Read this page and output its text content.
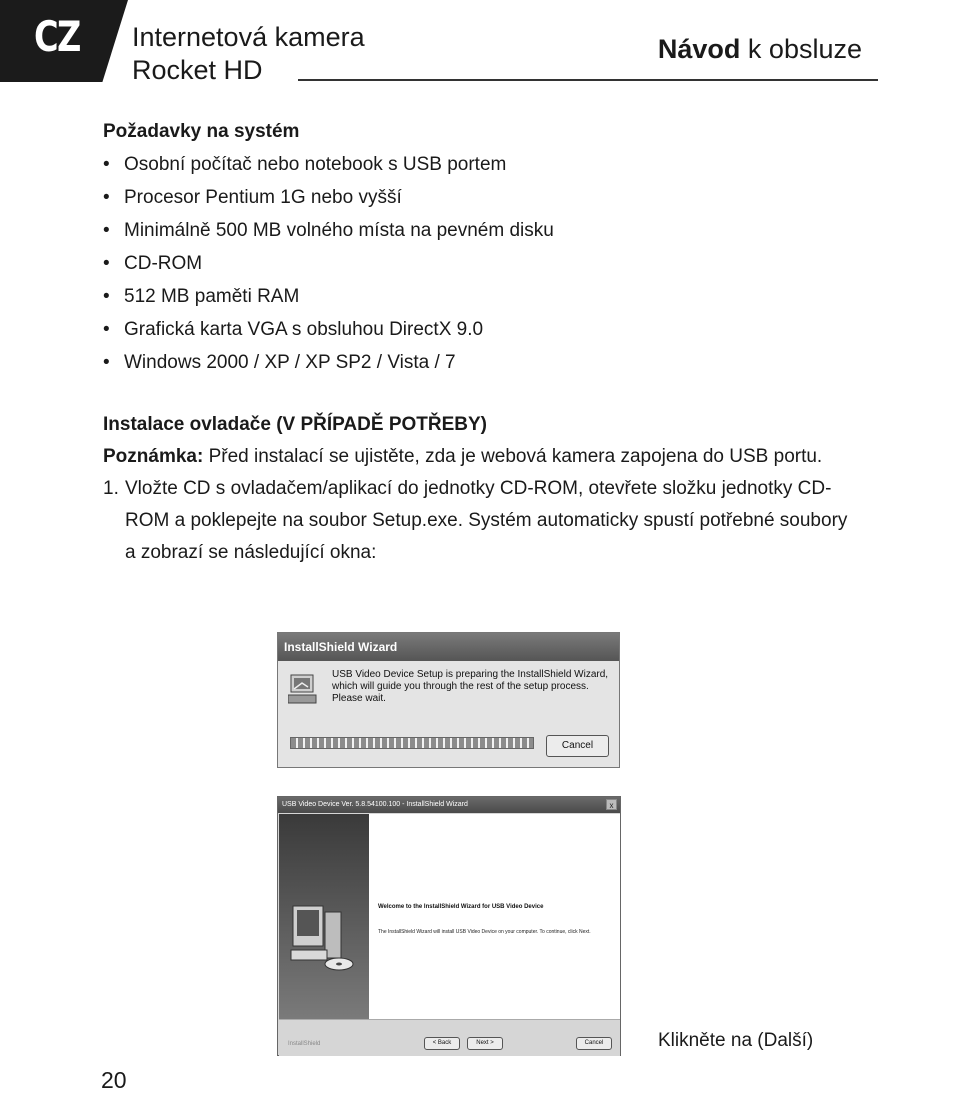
CZ Internetová kamera
Rocket HD
Návod k obsluze

Požadavky na systém

• Osobní počítač nebo notebook s USB portem
• Procesor Pentium 1G nebo vyšší
• Minimálně 500 MB volného místa na pevném disku
• CD-ROM
• 512 MB paměti RAM
• Grafická karta VGA s obsluhou DirectX 9.0
• Windows 2000 / XP / XP SP2 / Vista / 7

Instalace ovladače (V PŘÍPADĚ POTŘEBY)

Poznámka: Před instalací se ujistěte, zda je webová kamera zapojena do USB portu.

1. Vložte CD s ovladačem/aplikací do jednotky CD-ROM, otevřete složku jednotky CD-ROM a poklepejte na soubor Setup.exe. Systém automaticky spustí potřebné soubory a zobrazí se následující okna:

InstallShield Wizard
USB Video Device Setup is preparing the InstallShield Wizard, which will guide you through the rest of the setup process. Please wait.
Cancel
USB Video Device Ver. 5.8.54100.100 - InstallShield Wizard	x
Welcome to the InstallShield Wizard for USB Video Device
The InstallShield Wizard will install USB Video Device on your computer. To continue, click Next.
InstallShield	< Back	Next >	Cancel	Klikněte na (Další)
20
